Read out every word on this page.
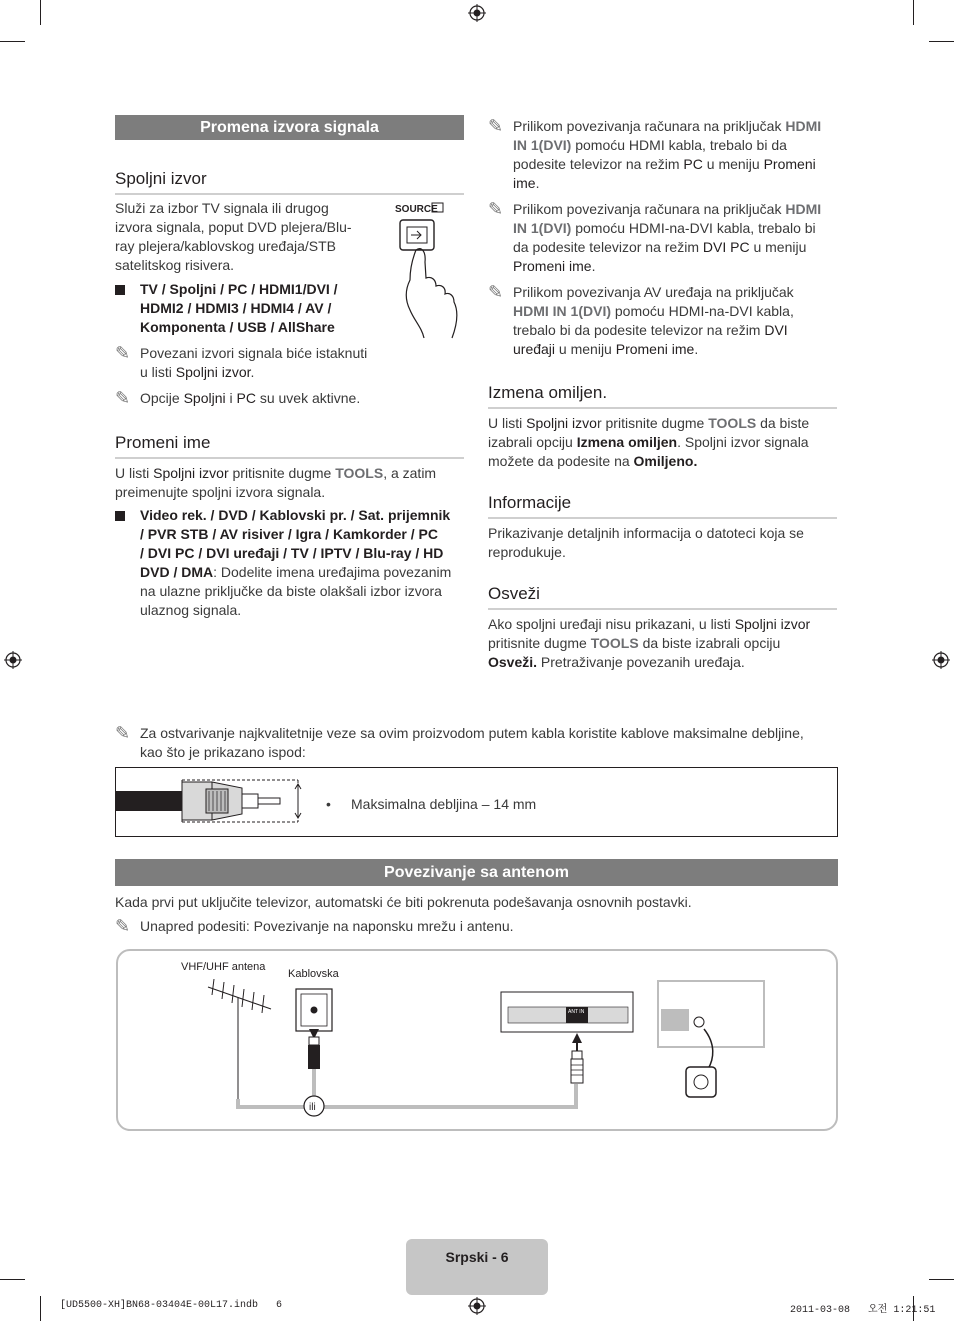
Promena izvora signala
Spoljni izvor
Služi za izbor TV signala ili drugog
izvora signala, poput DVD plejera/Blu-
ray plejera/kablovskog uređaja/STB
satelitskog risivera.
SOURCE
TV / Spoljni / PC / HDMI1/DVI /
HDMI2 / HDMI3 / HDMI4 / AV /
Komponenta / USB / AllShare
✎ Povezani izvori signala biće istaknuti
u listi Spoljni izvor.
✎ Opcije Spoljni i PC su uvek aktivne.
Promeni ime
U listi Spoljni izvor pritisnite dugme TOOLS, a zatim
preimenujte spoljni izvora signala.
Video rek. / DVD / Kablovski pr. / Sat. prijemnik
/ PVR STB / AV risiver / Igra / Kamkorder / PC
/ DVI PC / DVI uređaji / TV / IPTV / Blu-ray / HD
DVD / DMA: Dodelite imena uređajima povezanim
na ulazne priključke da biste olakšali izbor izvora
ulaznog signala.
✎ Prilikom povezivanja računara na priključak HDMI
IN 1(DVI) pomoću HDMI kabla, trebalo bi da
podesite televizor na režim PC u meniju Promeni
ime.
✎ Prilikom povezivanja računara na priključak HDMI
IN 1(DVI) pomoću HDMI-na-DVI kabla, trebalo bi
da podesite televizor na režim DVI PC u meniju
Promeni ime.
✎ Prilikom povezivanja AV uređaja na priključak
HDMI IN 1(DVI) pomoću HDMI-na-DVI kabla,
trebalo bi da podesite televizor na režim DVI
uređaji u meniju Promeni ime.
Izmena omiljen.
U listi Spoljni izvor pritisnite dugme TOOLS da biste
izabrali opciju Izmena omiljen. Spoljni izvor signala
možete da podesite na Omiljeno.
Informacije
Prikazivanje detaljnih informacija o datoteci koja se
reprodukuje.
Osveži
Ako spoljni uređaji nisu prikazani, u listi Spoljni izvor
pritisnite dugme TOOLS da biste izabrali opciju
Osveži. Pretraživanje povezanih uređaja.
✎ Za ostvarivanje najkvalitetnije veze sa ovim proizvodom putem kabla koristite kablove maksimalne debljine,
kao što je prikazano ispod:
• Maksimalna debljina – 14 mm
Povezivanje sa antenom
Kada prvi put uključite televizor, automatski će biti pokrenuta podešavanja osnovnih postavki.
✎ Unapred podesiti: Povezivanje na naponsku mrežu i antenu.
VHF/UHF antena
Kablovska
ili
ANT IN
Srpski - 6
[UD5500-XH]BN68-03404E-00L17.indb   6	2011-03-08   오전 1:21:51
